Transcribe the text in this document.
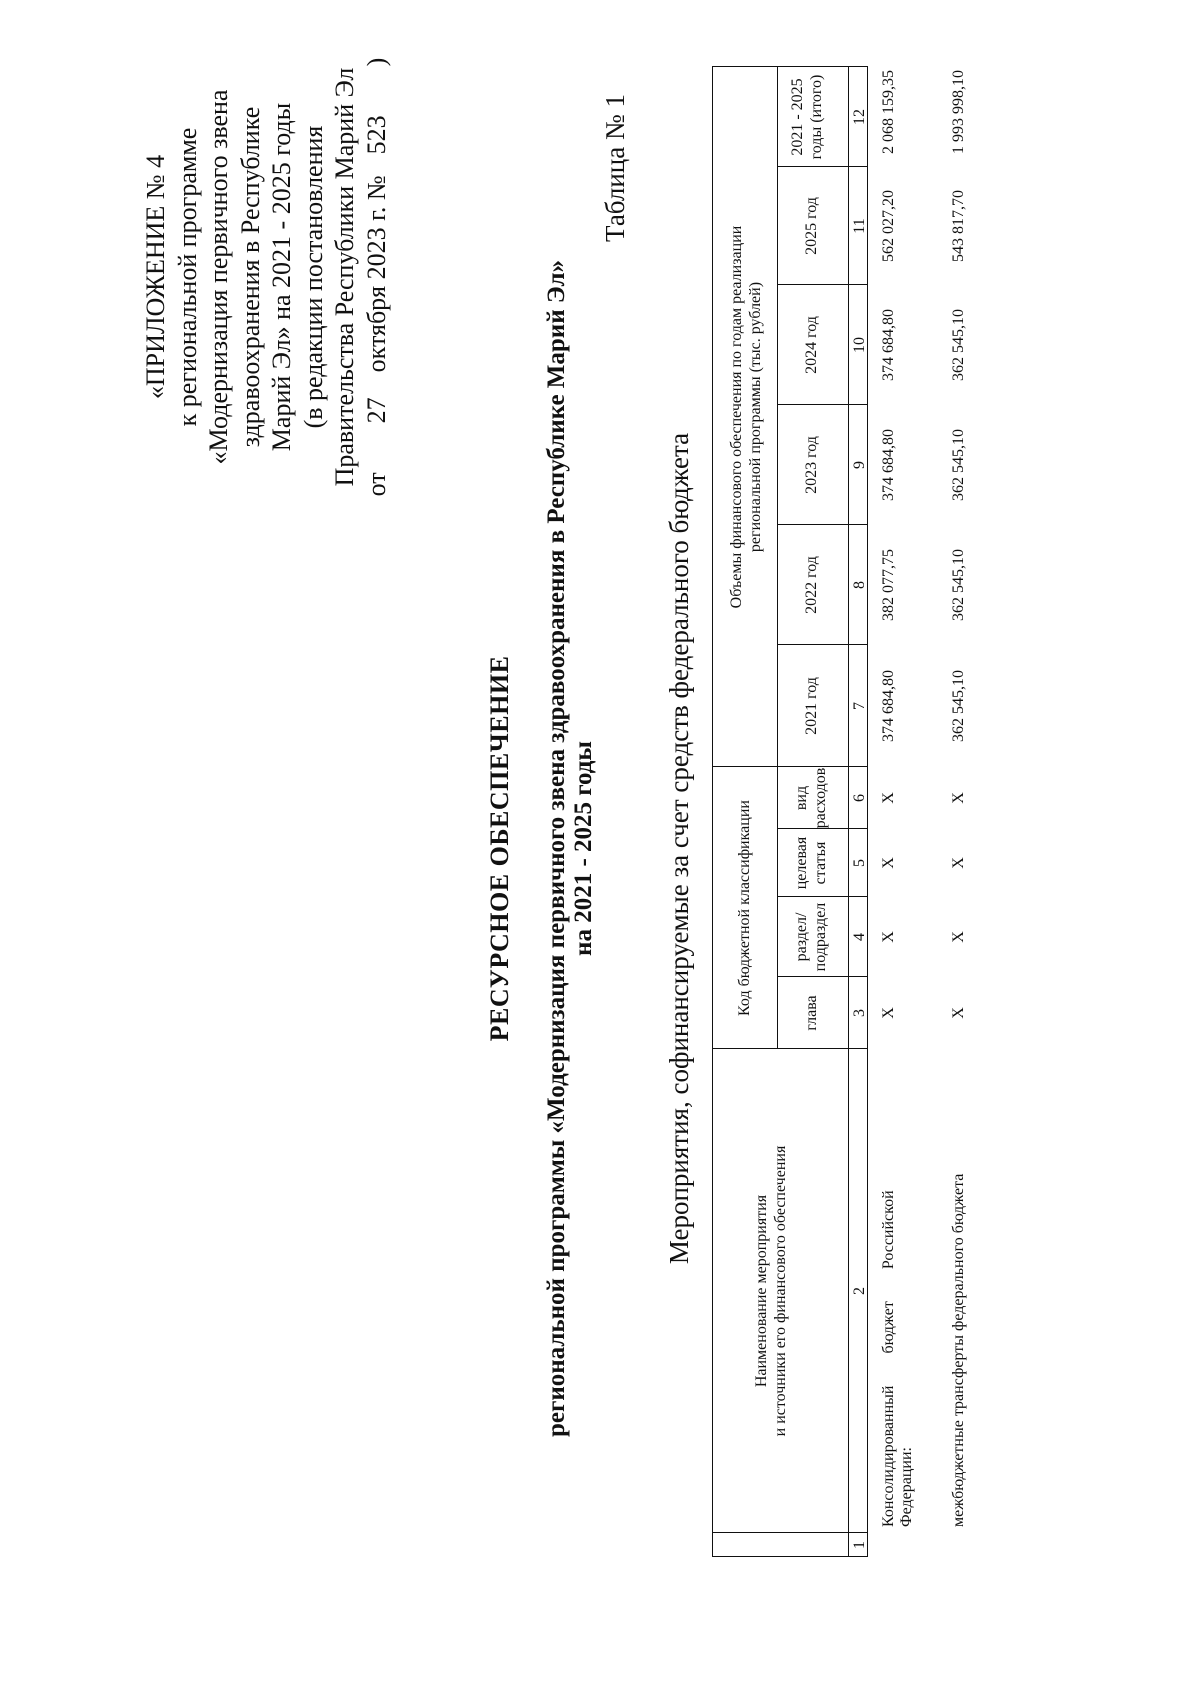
«ПРИЛОЖЕНИЕ № 4 к региональной программе «Модернизация первичного звена здравоохранения в Республике Марий Эл» на 2021 - 2025 годы (в редакции постановления Правительства Республики Марий Эл от  27  октября 2023 г. №  523  )
РЕСУРСНОЕ ОБЕСПЕЧЕНИЕ региональной программы «Модернизация первичного звена здравоохранения в Республике Марий Эл» на 2021 - 2025 годы
Таблица № 1
Мероприятия, софинансируемые за счет средств федерального бюджета
Наименование мероприятия и источники его финансового обеспечения
Код бюджетной классификации	глава
раздел/ подраздел
целевая статья
вид расходов
Объемы финансового обеспечения по годам реализации региональной программы (тыс. рублей)
2021 год
2022 год
2023 год
2024 год
2025 год
2021 - 2025 годы (итого)
1
2
3
4
5
6
7
8
9
10
11
12
Консолидированный        бюджет        Российской Федерации:
Х
Х
Х
Х
374 684,80
382 077,75
374 684,80
374 684,80
562 027,20
2 068 159,35
межбюджетные трансферты федерального бюджета
Х
Х
Х
Х
362 545,10
362 545,10
362 545,10
362 545,10
543 817,70
1 993 998,10
